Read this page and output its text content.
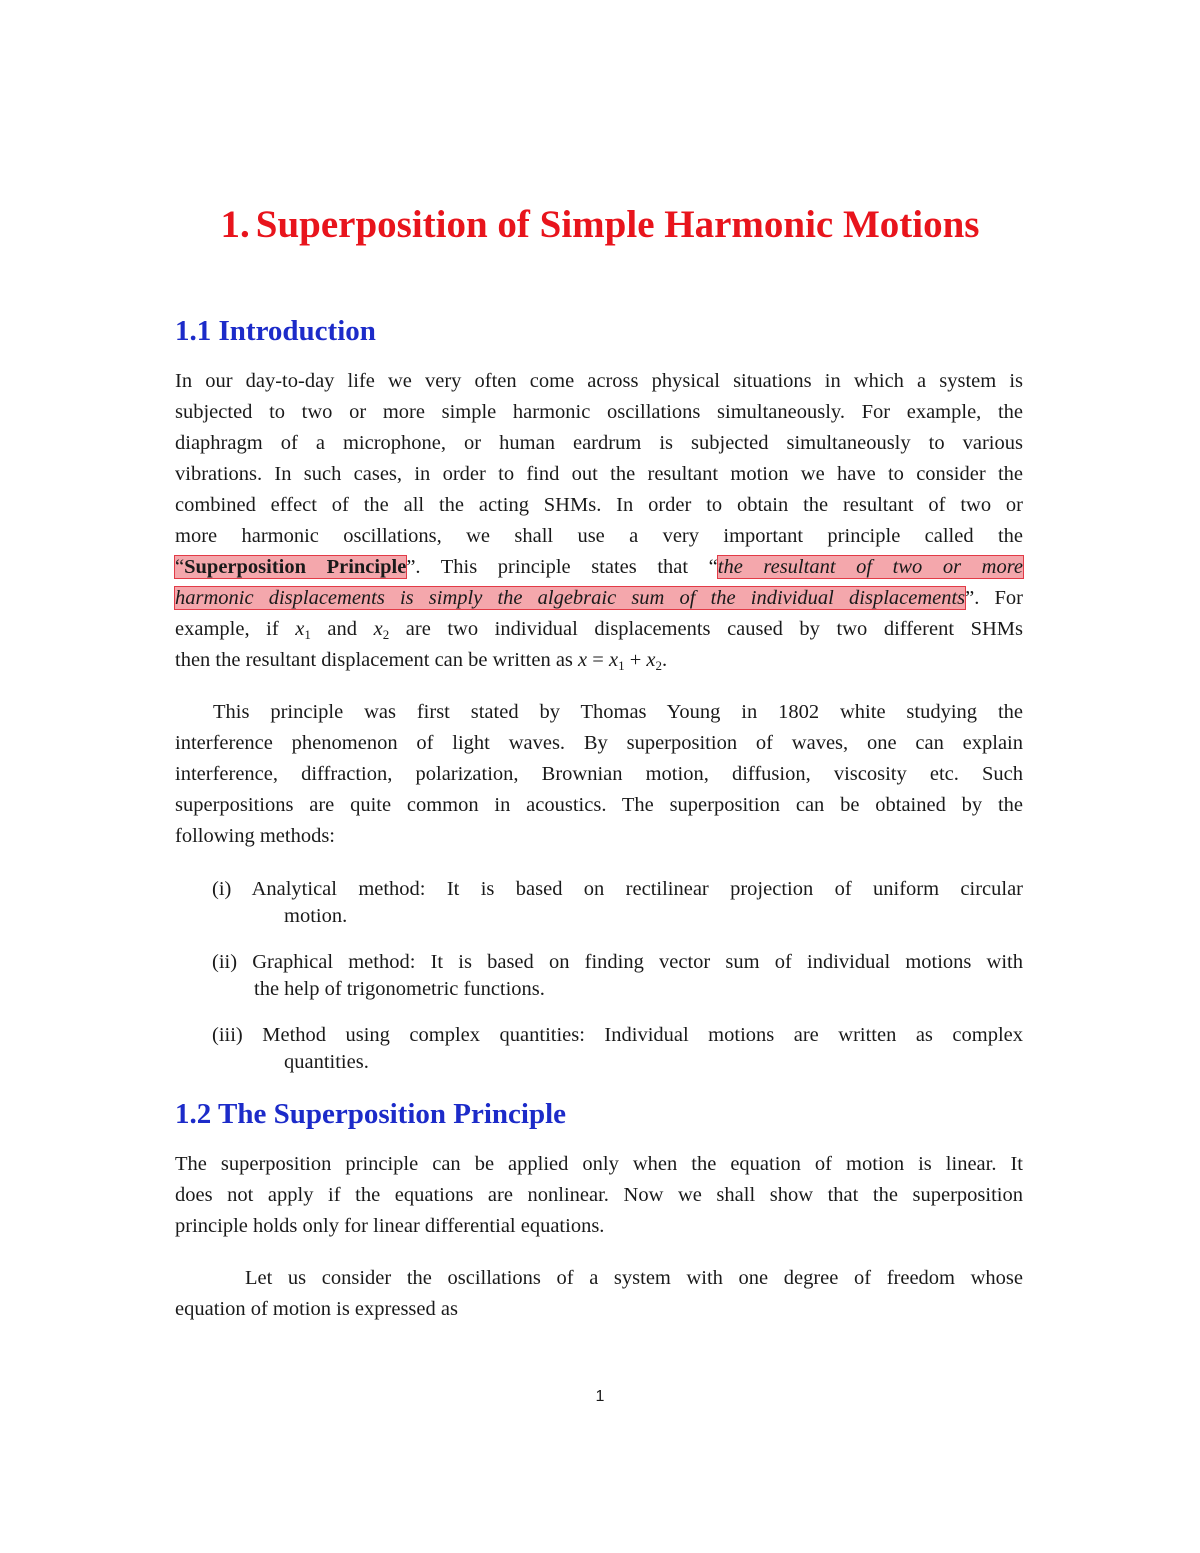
1. Superposition of Simple Harmonic Motions
1.1 Introduction
In our day-to-day life we very often come across physical situations in which a system is
subjected to two or more simple harmonic oscillations simultaneously. For example, the
diaphragm of a microphone, or human eardrum is subjected simultaneously to various
vibrations. In such cases, in order to find out the resultant motion we have to consider the
combined effect of the all the acting SHMs. In order to obtain the resultant of two or
more harmonic oscillations, we shall use a very important principle called the
“Superposition Principle”. This principle states that “the resultant of two or more
harmonic displacements is simply the algebraic sum of the individual displacements”. For
example, if $x_1$ and $x_2$ are two individual displacements caused by two different SHMs
then the resultant displacement can be written as $x = x_1 + x_2$.
This principle was first stated by Thomas Young in 1802 white studying the
interference phenomenon of light waves. By superposition of waves, one can explain
interference, diffraction, polarization, Brownian motion, diffusion, viscosity etc. Such
superpositions are quite common in acoustics. The superposition can be obtained by the
following methods:
(i) Analytical method: It is based on rectilinear projection of uniform circular
motion.
(ii) Graphical method: It is based on finding vector sum of individual motions with
the help of trigonometric functions.
(iii) Method using complex quantities: Individual motions are written as complex
quantities.
1.2 The Superposition Principle
The superposition principle can be applied only when the equation of motion is linear. It
does not apply if the equations are nonlinear. Now we shall show that the superposition
principle holds only for linear differential equations.
Let us consider the oscillations of a system with one degree of freedom whose
equation of motion is expressed as
1
